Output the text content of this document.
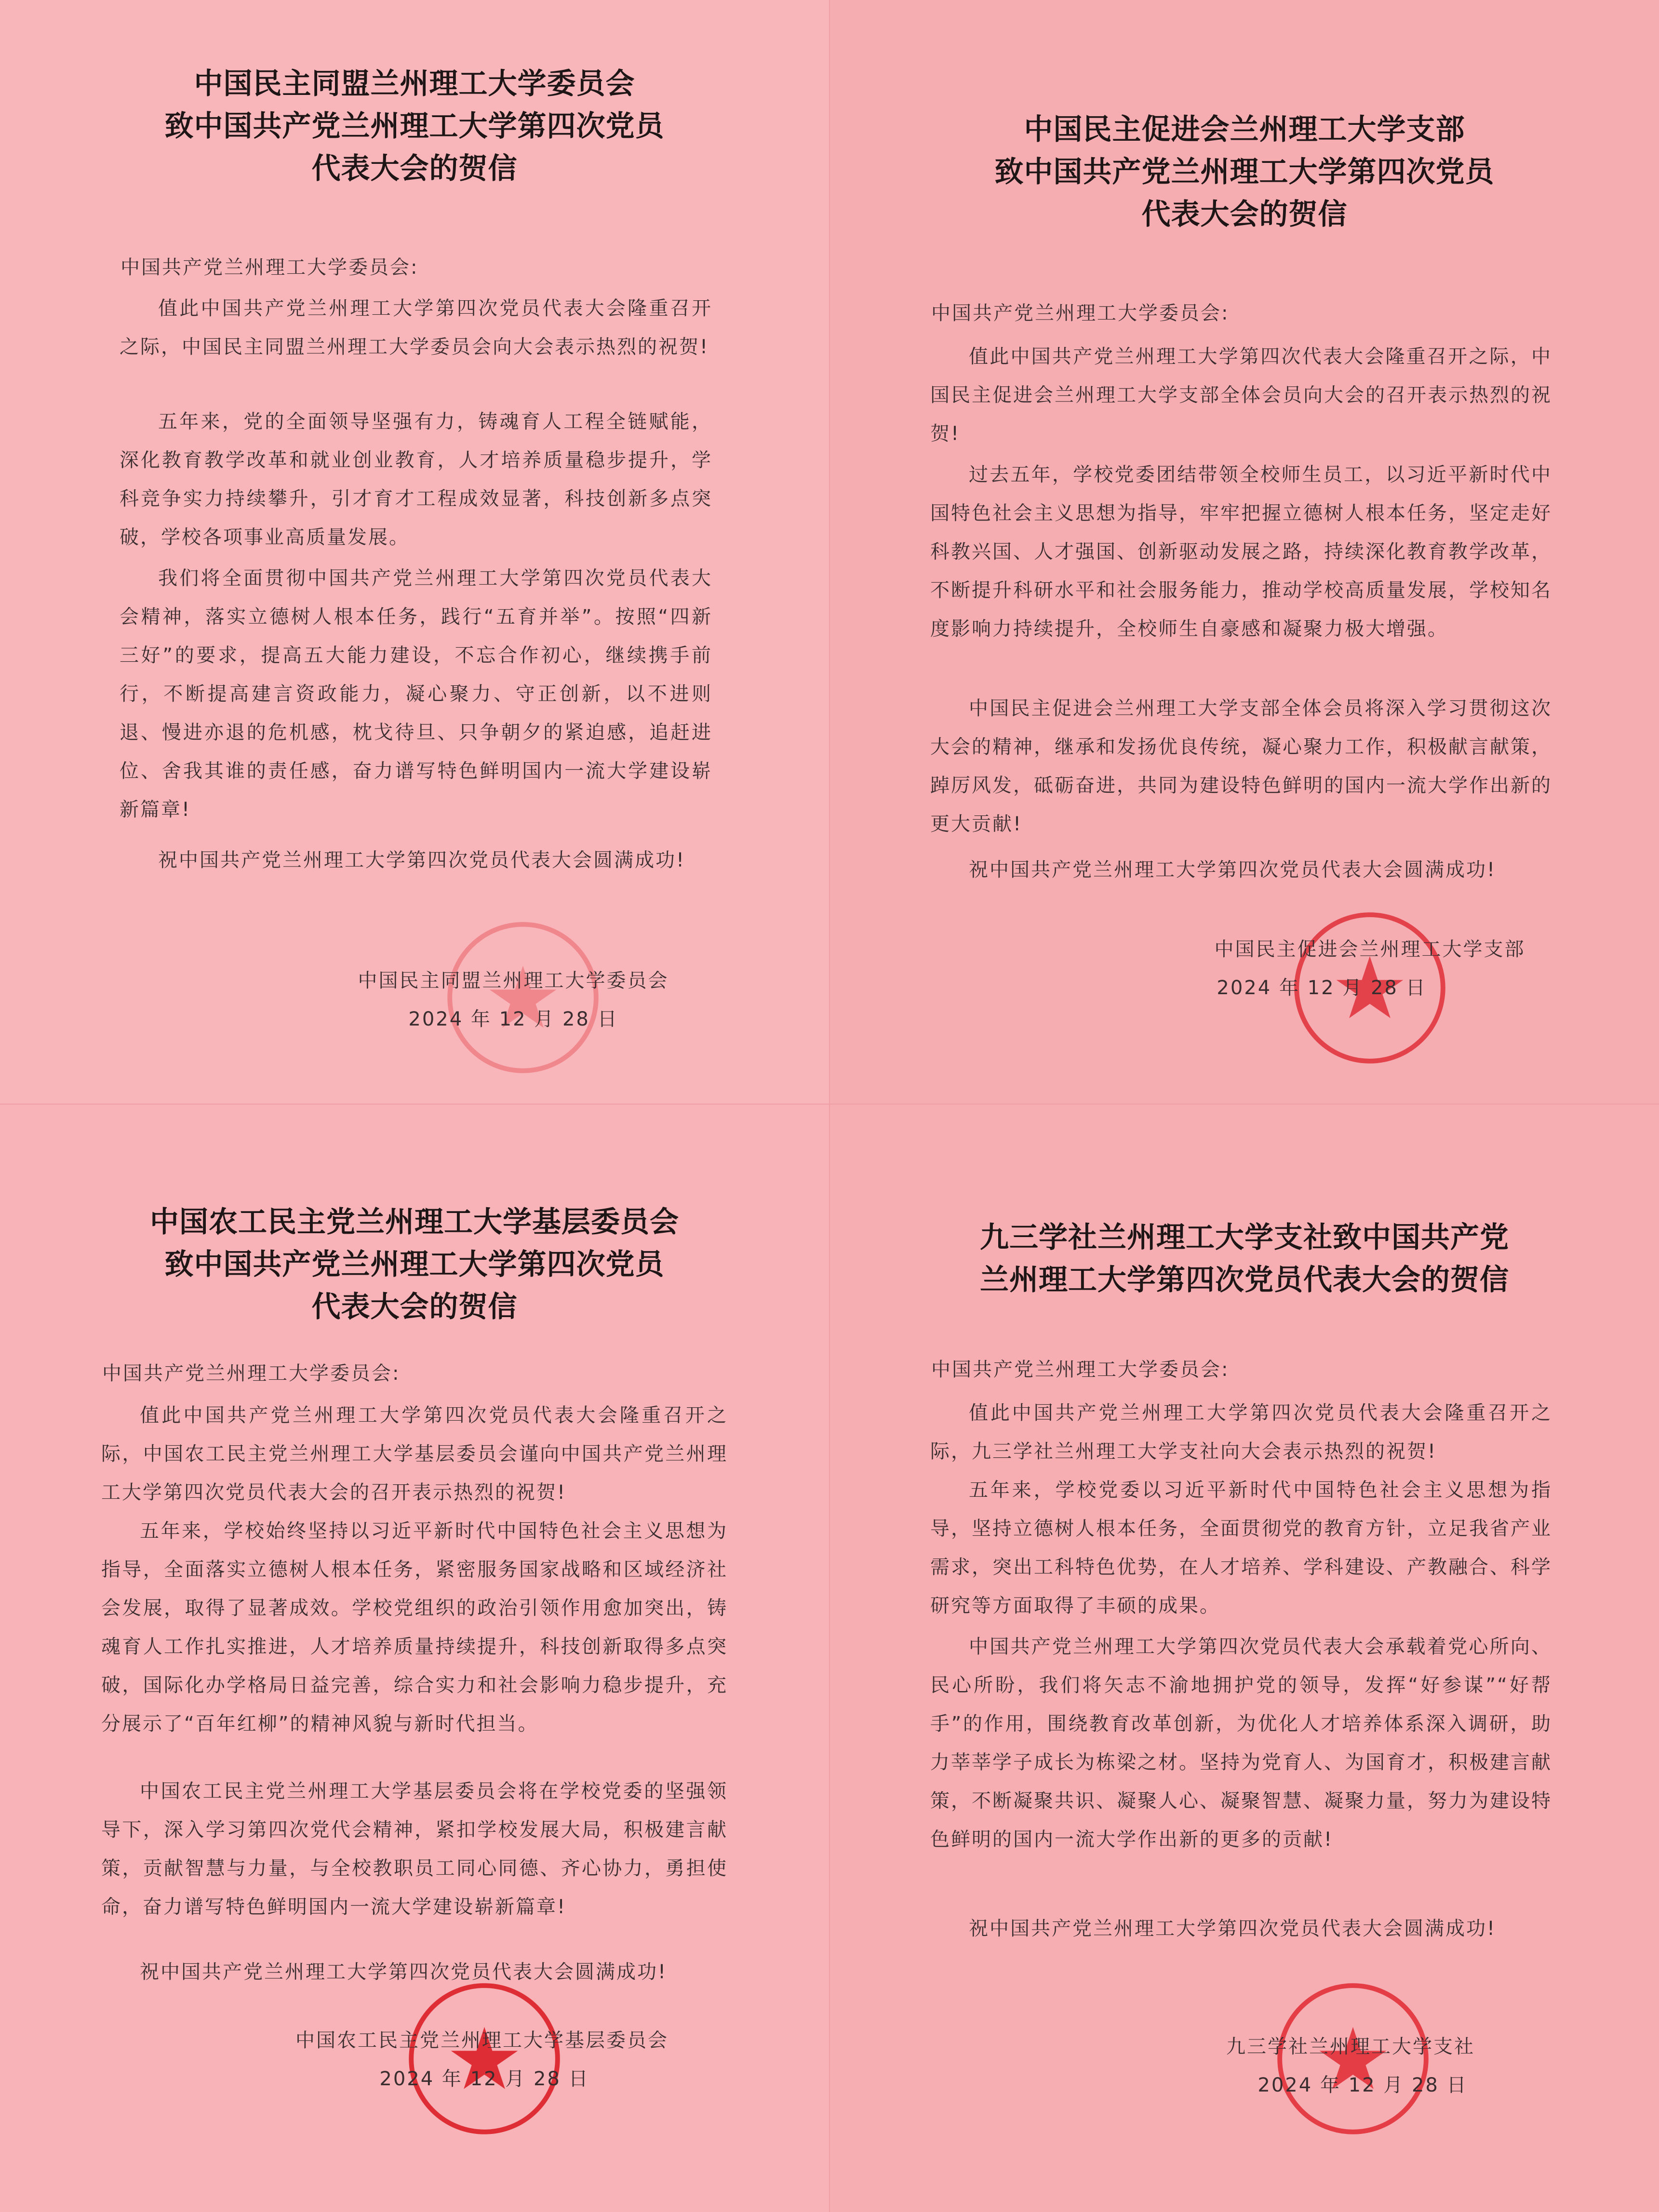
中国民主同盟兰州理工大学委员会
致中国共产党兰州理工大学第四次党员
代表大会的贺信
中国共产党兰州理工大学委员会:
值此中国共产党兰州理工大学第四次党员代表大会隆重召开之际，中国民主同盟兰州理工大学委员会向大会表示热烈的祝贺!
五年来，党的全面领导坚强有力，铸魂育人工程全链赋能，深化教育教学改革和就业创业教育，人才培养质量稳步提升，学科竞争实力持续攀升，引才育才工程成效显著，科技创新多点突破，学校各项事业高质量发展。
我们将全面贯彻中国共产党兰州理工大学第四次党员代表大会精神，落实立德树人根本任务，践行“五育并举”。按照“四新三好”的要求，提高五大能力建设，不忘合作初心，继续携手前行，不断提高建言资政能力，凝心聚力、守正创新，以不进则退、慢进亦退的危机感，枕戈待旦、只争朝夕的紧迫感，追赶进位、舍我其谁的责任感，奋力谱写特色鲜明国内一流大学建设崭新篇章!
祝中国共产党兰州理工大学第四次党员代表大会圆满成功!
中国民主同盟兰州理工大学委员会
2024 年 12 月 28 日
中国民主促进会兰州理工大学支部
致中国共产党兰州理工大学第四次党员
代表大会的贺信
中国共产党兰州理工大学委员会:
值此中国共产党兰州理工大学第四次代表大会隆重召开之际，中国民主促进会兰州理工大学支部全体会员向大会的召开表示热烈的祝贺!
过去五年，学校党委团结带领全校师生员工，以习近平新时代中国特色社会主义思想为指导，牢牢把握立德树人根本任务，坚定走好科教兴国、人才强国、创新驱动发展之路，持续深化教育教学改革，不断提升科研水平和社会服务能力，推动学校高质量发展，学校知名度影响力持续提升，全校师生自豪感和凝聚力极大增强。
中国民主促进会兰州理工大学支部全体会员将深入学习贯彻这次大会的精神，继承和发扬优良传统，凝心聚力工作，积极献言献策，踔厉风发，砥砺奋进，共同为建设特色鲜明的国内一流大学作出新的更大贡献!
祝中国共产党兰州理工大学第四次党员代表大会圆满成功!
中国民主促进会兰州理工大学支部
2024 年 12 月 28 日
中国农工民主党兰州理工大学基层委员会
致中国共产党兰州理工大学第四次党员
代表大会的贺信
中国共产党兰州理工大学委员会:
值此中国共产党兰州理工大学第四次党员代表大会隆重召开之际，中国农工民主党兰州理工大学基层委员会谨向中国共产党兰州理工大学第四次党员代表大会的召开表示热烈的祝贺!
五年来，学校始终坚持以习近平新时代中国特色社会主义思想为指导，全面落实立德树人根本任务，紧密服务国家战略和区域经济社会发展，取得了显著成效。学校党组织的政治引领作用愈加突出，铸魂育人工作扎实推进，人才培养质量持续提升，科技创新取得多点突破，国际化办学格局日益完善，综合实力和社会影响力稳步提升，充分展示了“百年红柳”的精神风貌与新时代担当。
中国农工民主党兰州理工大学基层委员会将在学校党委的坚强领导下，深入学习第四次党代会精神，紧扣学校发展大局，积极建言献策，贡献智慧与力量，与全校教职员工同心同德、齐心协力，勇担使命，奋力谱写特色鲜明国内一流大学建设崭新篇章!
祝中国共产党兰州理工大学第四次党员代表大会圆满成功!
中国农工民主党兰州理工大学基层委员会
2024 年 12 月 28 日
九三学社兰州理工大学支社致中国共产党
兰州理工大学第四次党员代表大会的贺信
中国共产党兰州理工大学委员会:
值此中国共产党兰州理工大学第四次党员代表大会隆重召开之际，九三学社兰州理工大学支社向大会表示热烈的祝贺!
五年来，学校党委以习近平新时代中国特色社会主义思想为指导，坚持立德树人根本任务，全面贯彻党的教育方针，立足我省产业需求，突出工科特色优势，在人才培养、学科建设、产教融合、科学研究等方面取得了丰硕的成果。
中国共产党兰州理工大学第四次党员代表大会承载着党心所向、民心所盼，我们将矢志不渝地拥护党的领导，发挥“好参谋”“好帮手”的作用，围绕教育改革创新，为优化人才培养体系深入调研，助力莘莘学子成长为栋梁之材。坚持为党育人、为国育才，积极建言献策，不断凝聚共识、凝聚人心、凝聚智慧、凝聚力量，努力为建设特色鲜明的国内一流大学作出新的更多的贡献!
祝中国共产党兰州理工大学第四次党员代表大会圆满成功!
九三学社兰州理工大学支社
2024 年 12 月 28 日
